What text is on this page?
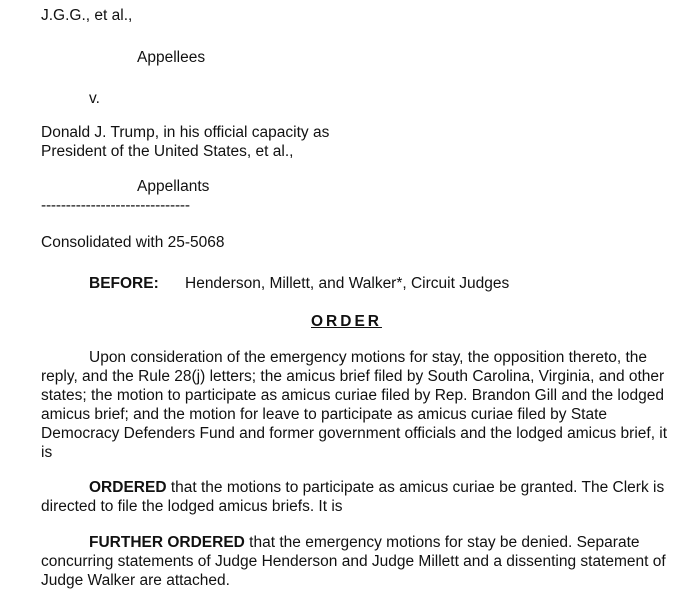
J.G.G., et al.,
Appellees
v.
Donald J. Trump, in his official capacity as
President of the United States, et al.,
Appellants
------------------------------
Consolidated with 25-5068
BEFORE: Henderson, Millett, and Walker*, Circuit Judges
ORDER
Upon consideration of the emergency motions for stay, the opposition thereto, the reply, and the Rule 28(j) letters; the amicus brief filed by South Carolina, Virginia, and other states; the motion to participate as amicus curiae filed by Rep. Brandon Gill and the lodged amicus brief; and the motion for leave to participate as amicus curiae filed by State Democracy Defenders Fund and former government officials and the lodged amicus brief, it is
ORDERED that the motions to participate as amicus curiae be granted. The Clerk is directed to file the lodged amicus briefs. It is
FURTHER ORDERED that the emergency motions for stay be denied. Separate concurring statements of Judge Henderson and Judge Millett and a dissenting statement of Judge Walker are attached.
